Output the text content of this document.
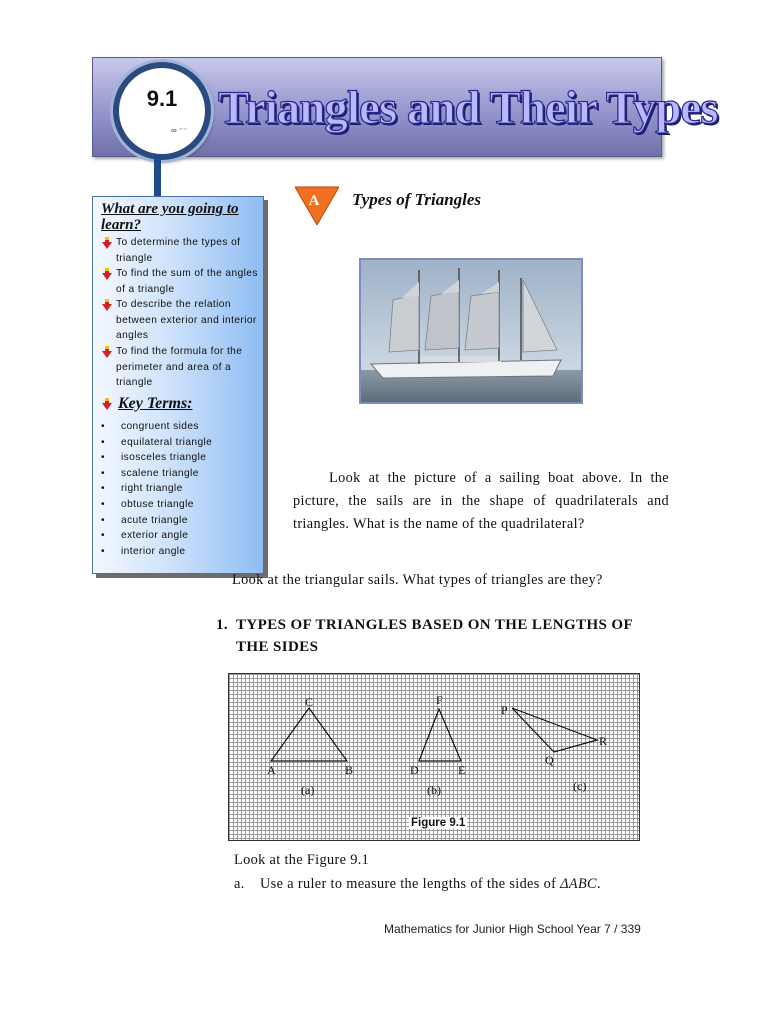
Triangles and Their Types
9.1
∞ ⁻⁻
What are you going to learn?
To determine the types of triangle
To find the sum of the angles of a triangle
To describe the relation between exterior and interior angles
To find the formula for the perimeter and area of a triangle
Key Terms:
• congruent sides
• equilateral triangle
• isosceles triangle
• scalene triangle
• right triangle
• obtuse triangle
• acute triangle
• exterior angle
• interior angle
A Types of Triangles
Look at the picture of a sailing boat above. In the picture, the sails are in the shape of quadrilaterals and triangles. What is the name of the quadrilateral?
Look at the triangular sails. What types of triangles are they?
1. TYPES OF TRIANGLES BASED ON THE LENGTHS OF
THE SIDES
A	B
C
(a)
D	E
F
(b)
P
Q
R
(c)
Figure 9.1
Look at the Figure 9.1
a. Use a ruler to measure the lengths of the sides of ΔABC.
Mathematics for Junior High School Year 7 / 339
